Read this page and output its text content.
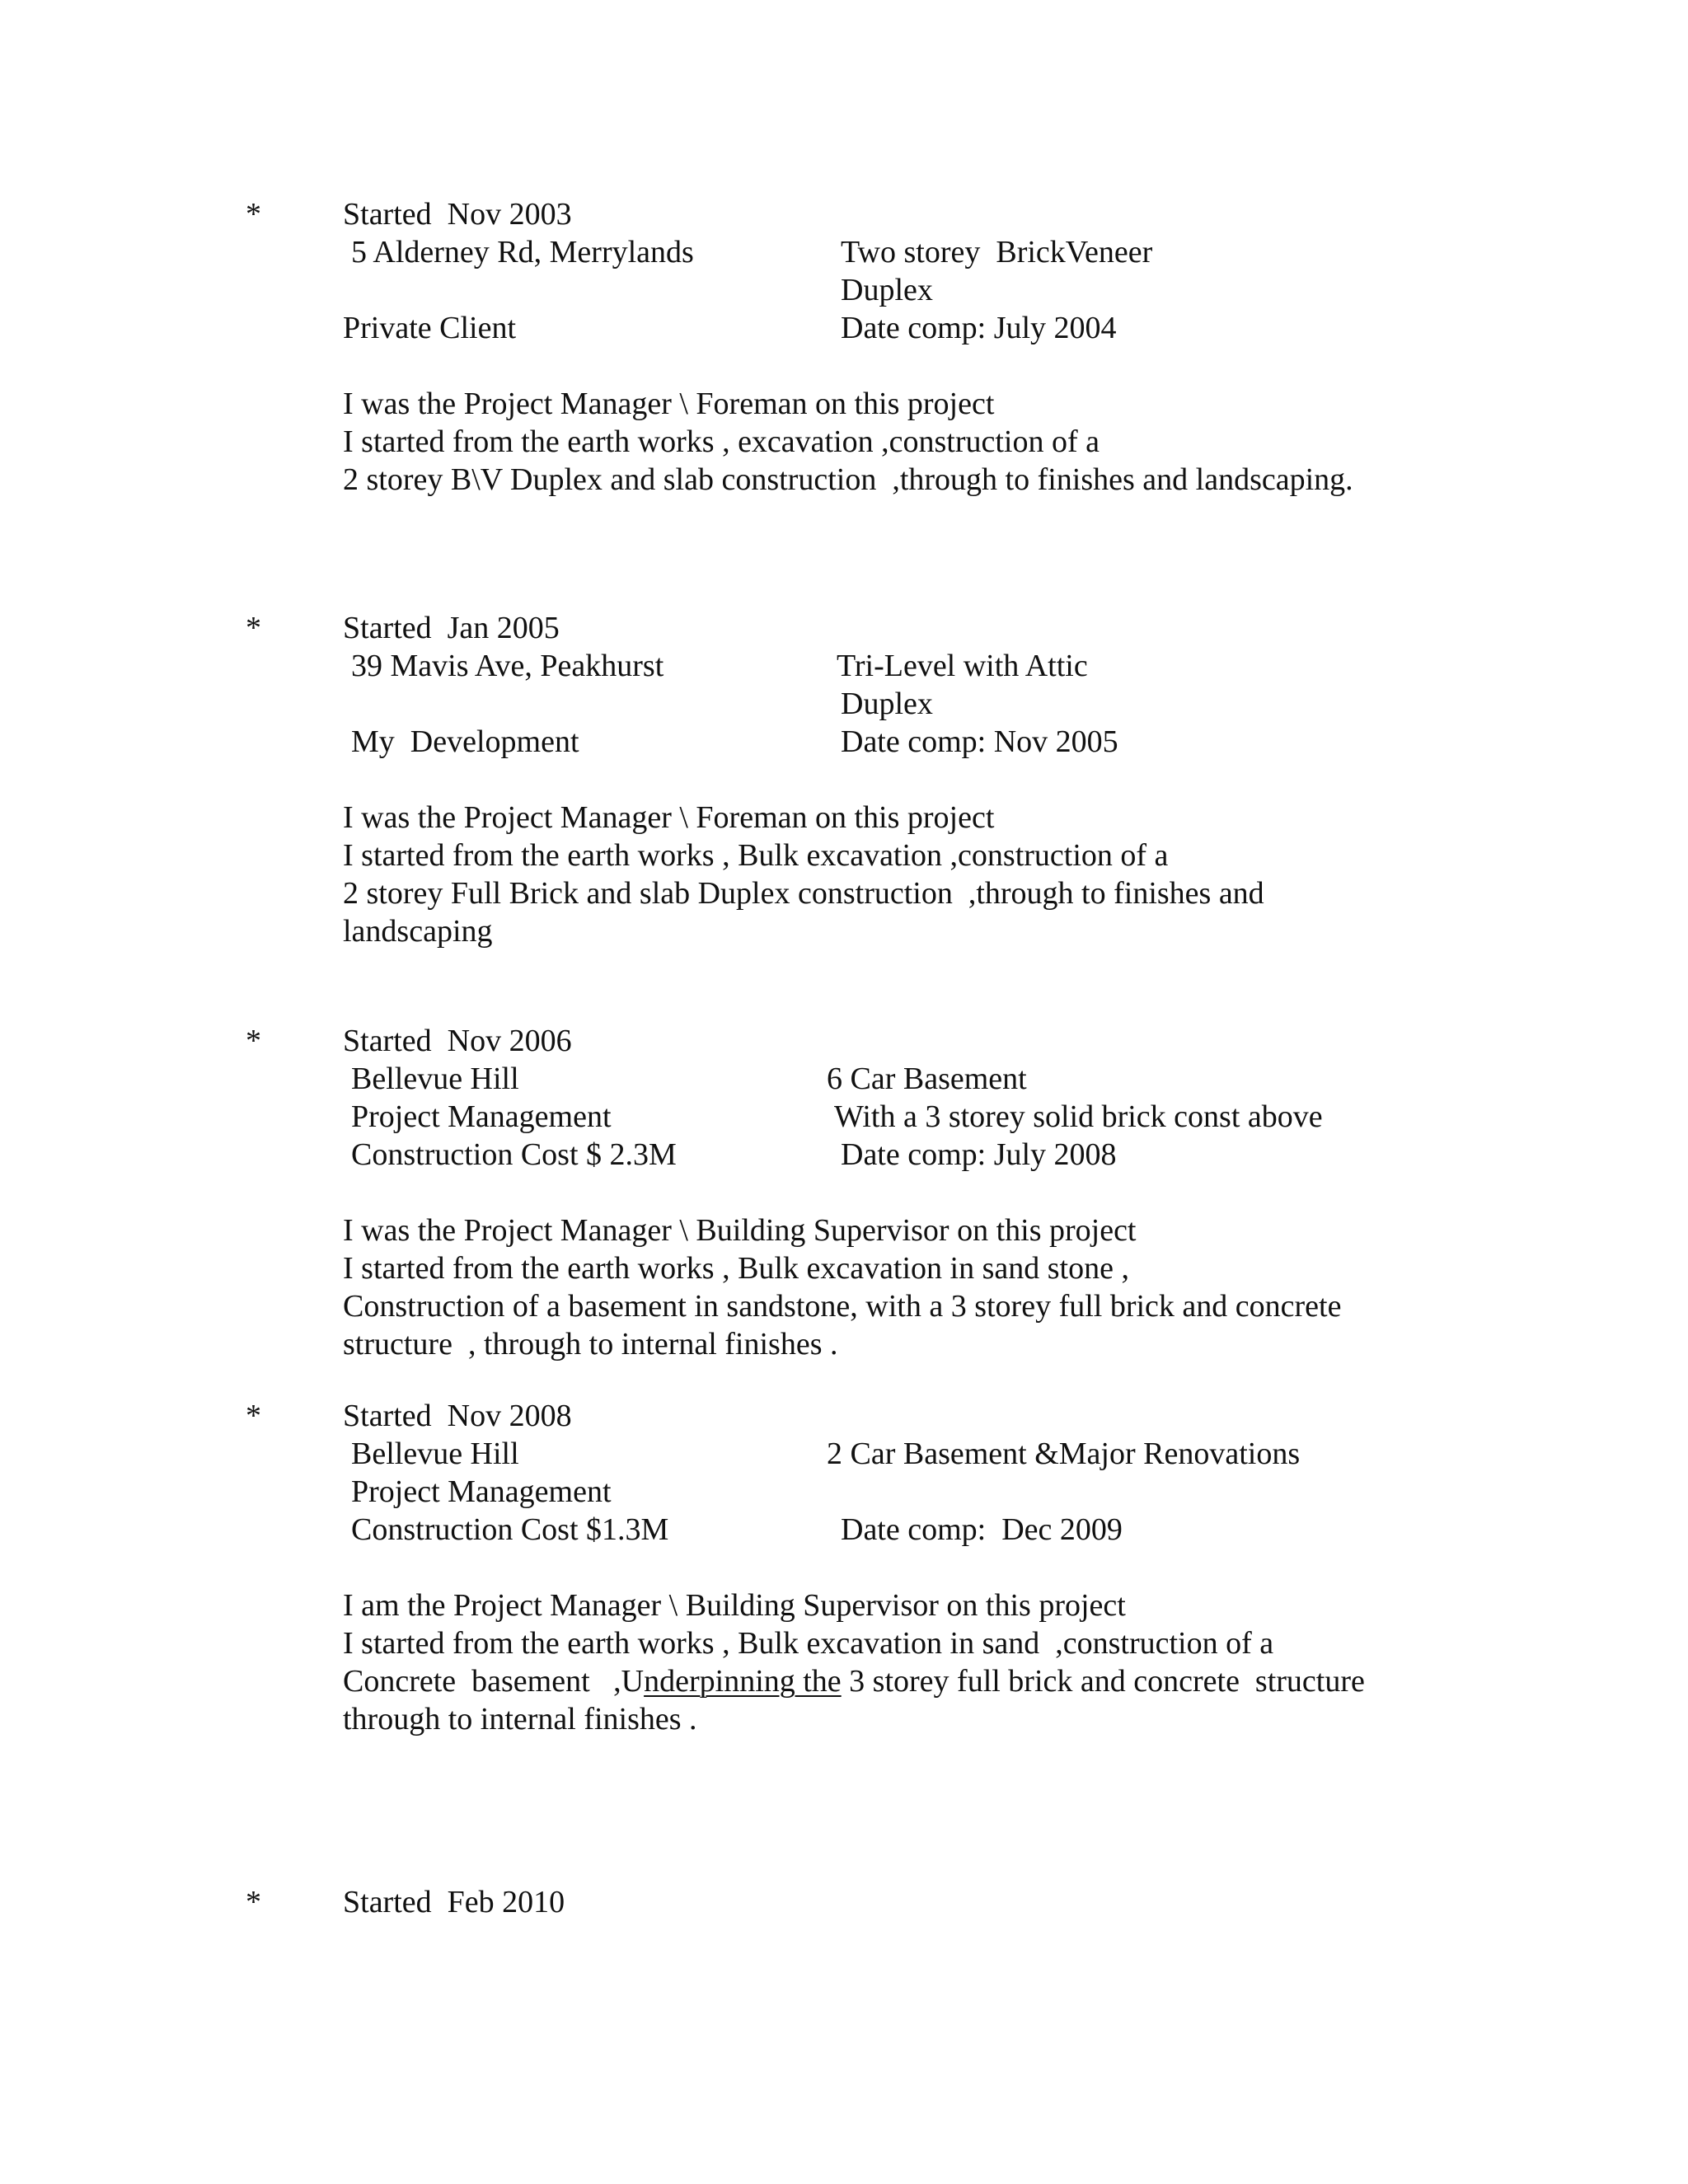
*	Started  Nov 2003
5 Alderney Rd, Merrylands	Two storey  BrickVeneer
Duplex
Private Client	Date comp: July 2004
I was the Project Manager \ Foreman on this project
I started from the earth works , excavation ,construction of a
2 storey B\V Duplex and slab construction  ,through to finishes and landscaping.
*	Started  Jan 2005
39 Mavis Ave, Peakhurst	Tri-Level with Attic
Duplex
My  Development	Date comp: Nov 2005
I was the Project Manager \ Foreman on this project
I started from the earth works , Bulk excavation ,construction of a
2 storey Full Brick and slab Duplex construction  ,through to finishes and
landscaping
*	Started  Nov 2006
Bellevue Hill	6 Car Basement
Project Management	With a 3 storey solid brick const above
Construction Cost $ 2.3M	Date comp: July 2008
I was the Project Manager \ Building Supervisor on this project
I started from the earth works , Bulk excavation in sand stone ,
Construction of a basement in sandstone, with a 3 storey full brick and concrete
structure  , through to internal finishes .
*	Started  Nov 2008
Bellevue Hill	2 Car Basement &Major Renovations
Project Management
Construction Cost $1.3M	Date comp:  Dec 2009
I am the Project Manager \ Building Supervisor on this project
I started from the earth works , Bulk excavation in sand  ,construction of a
Concrete  basement   ,Underpinning the 3 storey full brick and concrete  structure
through to internal finishes .
*	Started  Feb 2010
